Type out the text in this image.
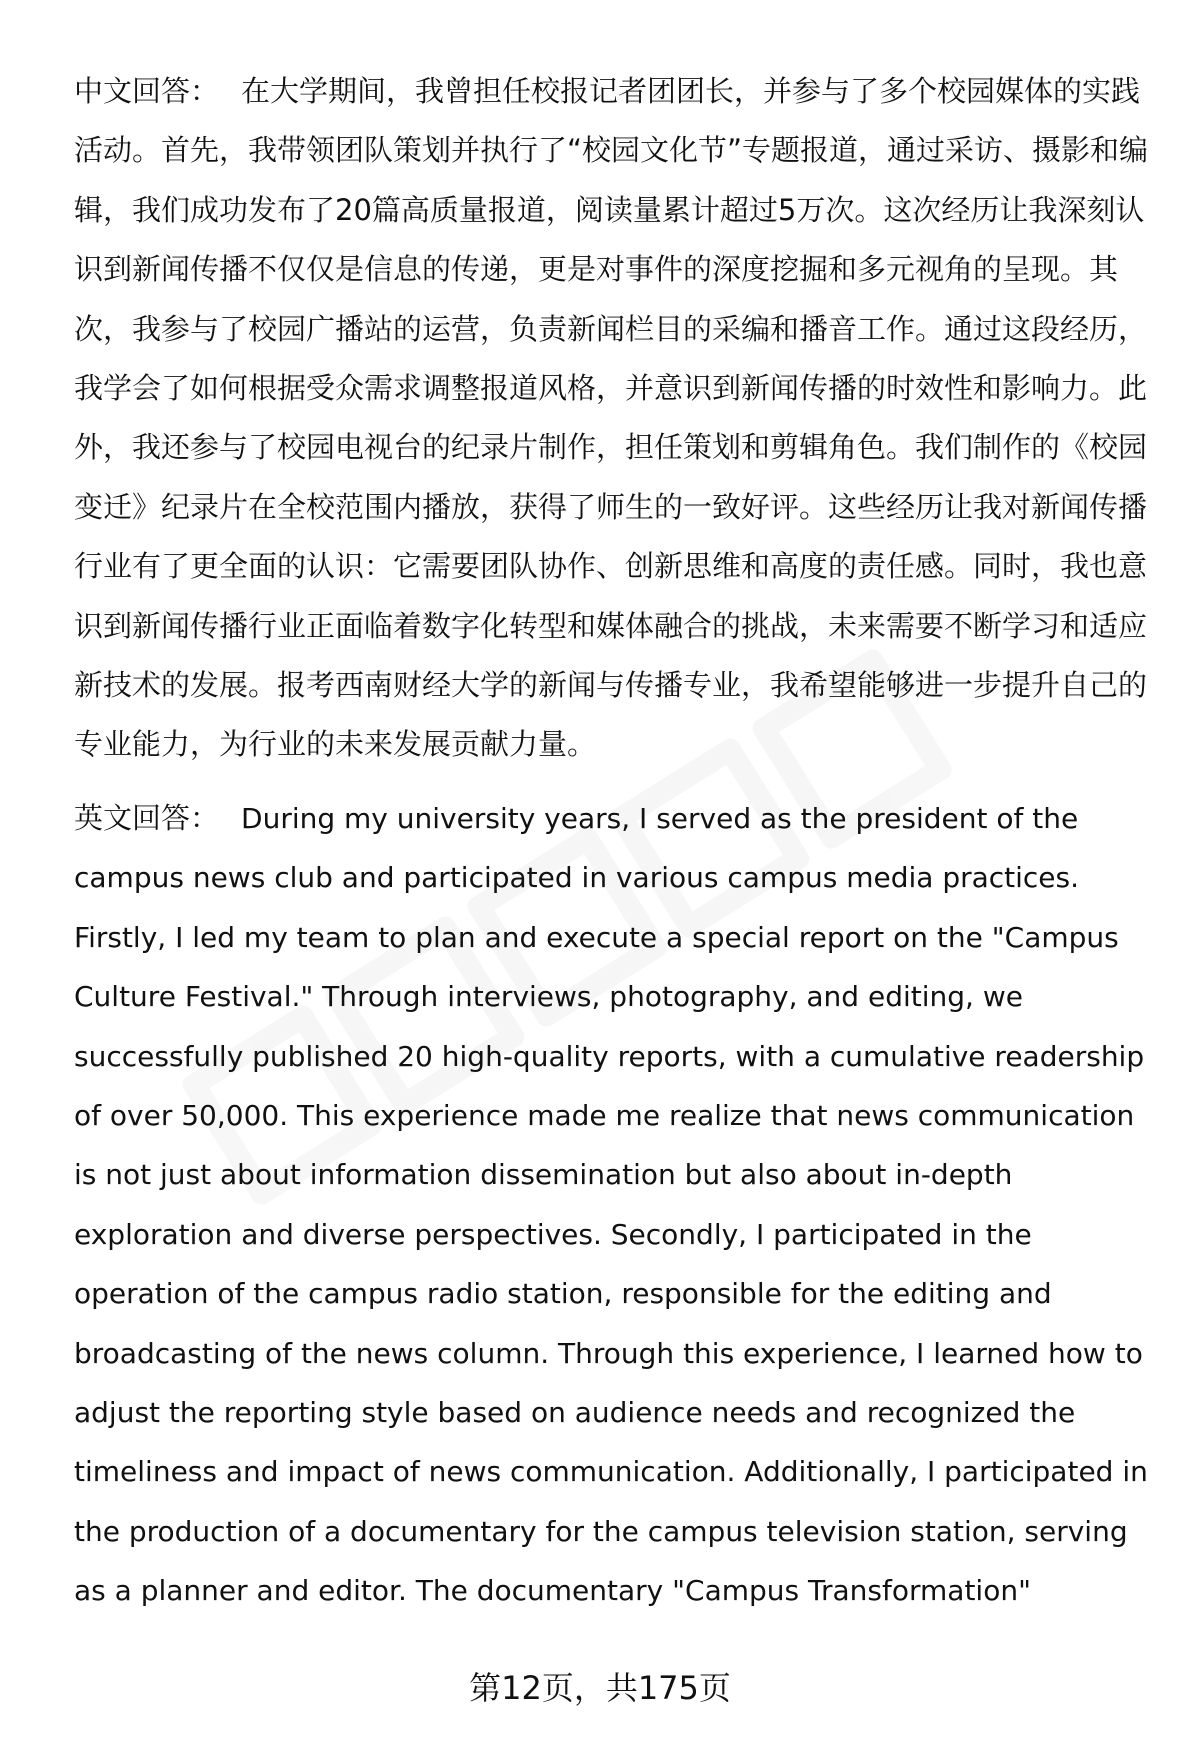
中文回答： 在大学期间，我曾担任校报记者团团长，并参与了多个校园媒体的实践活动。首先，我带领团队策划并执行了“校园文化节”专题报道，通过采访、摄影和编辑，我们成功发布了20篇高质量报道，阅读量累计超过5万次。这次经历让我深刻认识到新闻传播不仅仅是信息的传递，更是对事件的深度挖掘和多元视角的呈现。其次，我参与了校园广播站的运营，负责新闻栏目的采编和播音工作。通过这段经历，我学会了如何根据受众需求调整报道风格，并意识到新闻传播的时效性和影响力。此外，我还参与了校园电视台的纪录片制作，担任策划和剪辑角色。我们制作的《校园变迁》纪录片在全校范围内播放，获得了师生的一致好评。这些经历让我对新闻传播行业有了更全面的认识：它需要团队协作、创新思维和高度的责任感。同时，我也意识到新闻传播行业正面临着数字化转型和媒体融合的挑战，未来需要不断学习和适应新技术的发展。报考西南财经大学的新闻与传播专业，我希望能够进一步提升自己的专业能力，为行业的未来发展贡献力量。

英文回答： During my university years, I served as the president of the campus news club and participated in various campus media practices. Firstly, I led my team to plan and execute a special report on the "Campus Culture Festival." Through interviews, photography, and editing, we successfully published 20 high-quality reports, with a cumulative readership of over 50,000. This experience made me realize that news communication is not just about information dissemination but also about in-depth exploration and diverse perspectives. Secondly, I participated in the operation of the campus radio station, responsible for the editing and broadcasting of the news column. Through this experience, I learned how to adjust the reporting style based on audience needs and recognized the timeliness and impact of news communication. Additionally, I participated in the production of a documentary for the campus television station, serving as a planner and editor. The documentary "Campus Transformation"

第12页，共175页
